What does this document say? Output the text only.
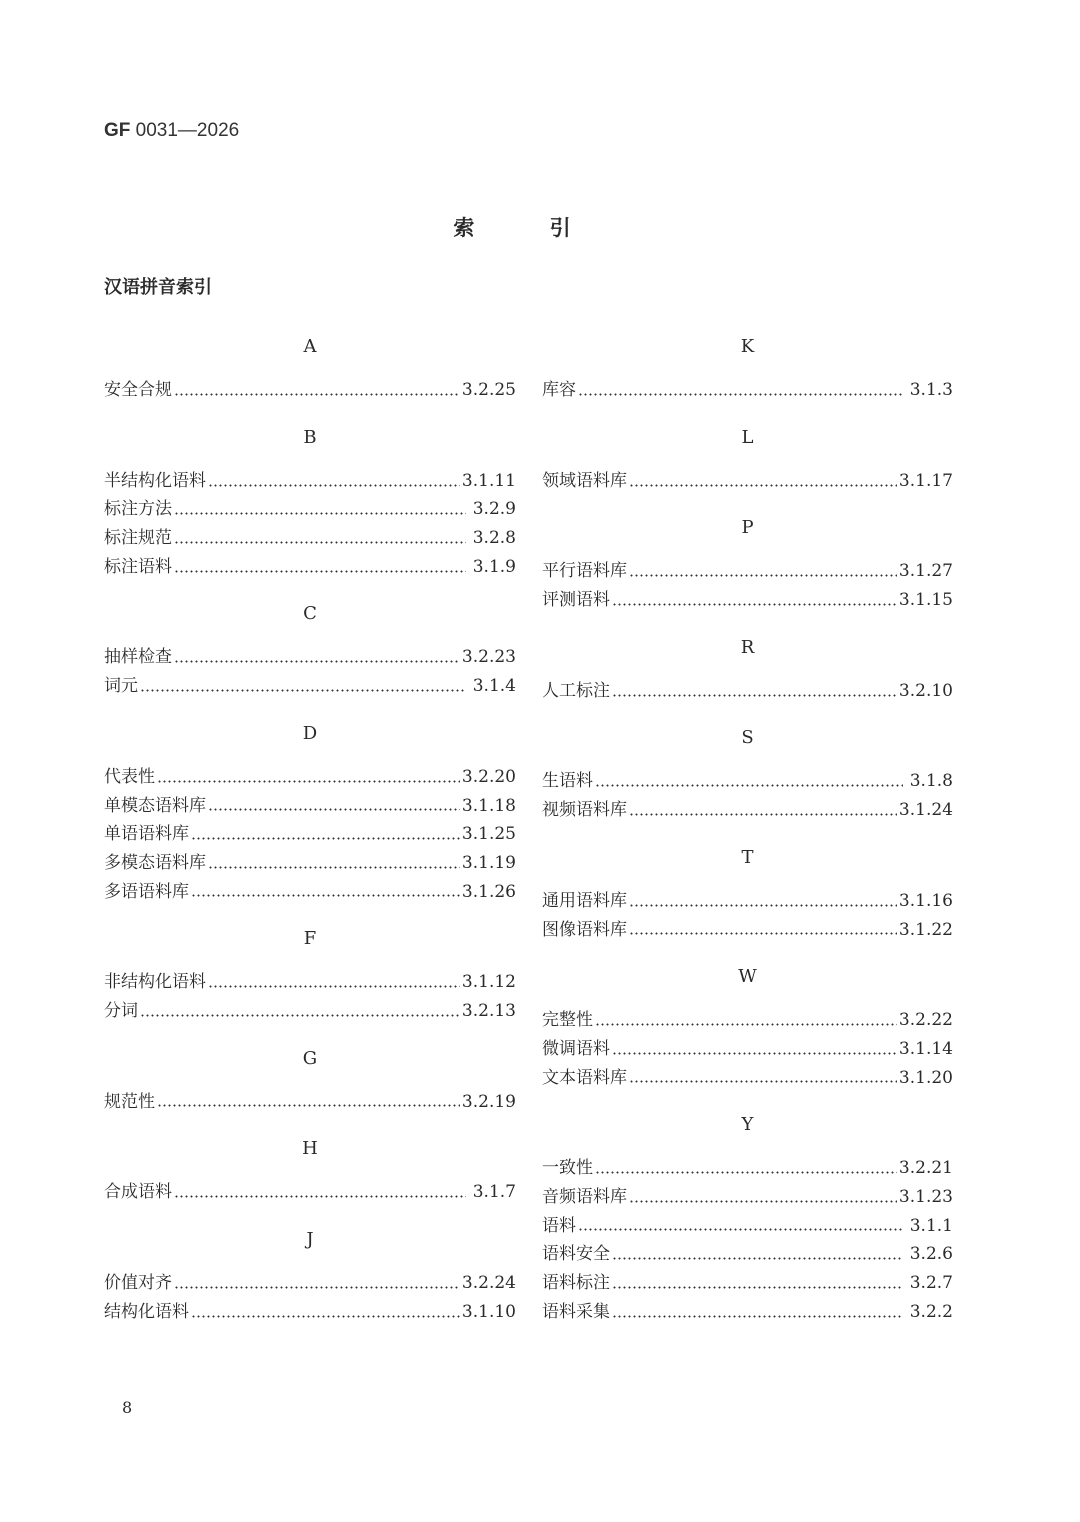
GF 0031—2026
索 引
汉语拼音索引
A
安全合规	3.2.25
B
半结构化语料	3.1.11
标注方法	3.2.9
标注规范	3.2.8
标注语料	3.1.9
C
抽样检查	3.2.23
词元	3.1.4
D
代表性	3.2.20
单模态语料库	3.1.18
单语语料库	3.1.25
多模态语料库	3.1.19
多语语料库	3.1.26
F
非结构化语料	3.1.12
分词	3.2.13
G
规范性	3.2.19
H
合成语料	3.1.7
J
价值对齐	3.2.24
结构化语料	3.1.10
K
库容	3.1.3
L
领域语料库	3.1.17
P
平行语料库	3.1.27
评测语料	3.1.15
R
人工标注	3.2.10
S
生语料	3.1.8
视频语料库	3.1.24
T
通用语料库	3.1.16
图像语料库	3.1.22
W
完整性	3.2.22
微调语料	3.1.14
文本语料库	3.1.20
Y
一致性	3.2.21
音频语料库	3.1.23
语料	3.1.1
语料安全	3.2.6
语料标注	3.2.7
语料采集	3.2.2
8
